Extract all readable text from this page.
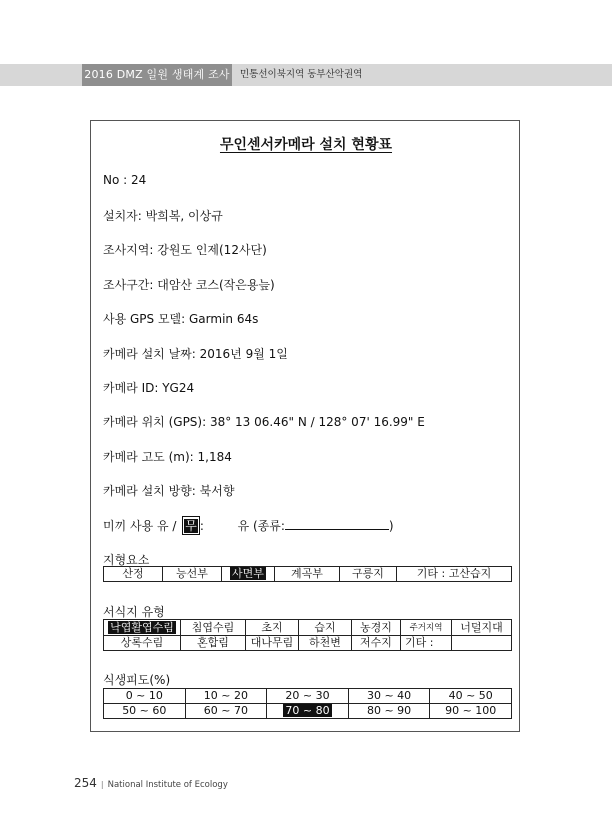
2016 DMZ 일원 생태계 조사 민통선이북지역 동부산악권역
무인센서카메라 설치 현황표
No : 24
설치자: 박희복, 이상규
조사지역: 강원도 인제(12사단)
조사구간: 대암산 코스(작은용늪)
사용 GPS 모델: Garmin 64s
카메라 설치 날짜: 2016년 9월 1일
카메라 ID: YG24
카메라 위치 (GPS): 38° 13 06.46" N / 128° 07' 16.99" E
카메라 고도 (m): 1,184
카메라 설치 방향: 북서향
미끼 사용 유 / 무 :	유 (종류:	)
지형요소
산정	능선부	사면부	계곡부	구릉지	기타 : 고산습지
서식지 유형
낙엽활엽수림	침엽수림	초지	습지	농경지	주거지역	너덜지대
상록수림	혼합림	대나무림	하천변	저수지	기타 :	
식생피도(%)
0 ~ 10	10 ~ 20	20 ~ 30	30 ~ 40	40 ~ 50
50 ~ 60	60 ~ 70	70 ~ 80	80 ~ 90	90 ~ 100
254 | National Institute of Ecology
